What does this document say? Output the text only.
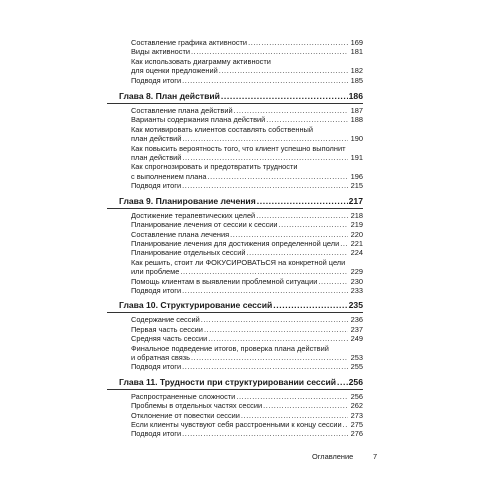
Составление графика активности .....	169
Виды активности .....	181
Как использовать диаграмму активности
для оценки предложений .....	182
Подводя итоги .....	185
Глава 8. План действий .....	186
Составление плана действий .....	187
Варианты содержания плана действий .....	188
Как мотивировать клиентов составлять собственный
план действий .....	190
Как повысить вероятность того, что клиент успешно выполнит
план действий .....	191
Как спрогнозировать и предотвратить трудности
с выполнением плана .....	196
Подводя итоги .....	215
Глава 9. Планирование лечения .....	217
Достижение терапевтических целей .....	218
Планирование лечения от сессии к сессии .....	219
Составление плана лечения .....	220
Планирование лечения для достижения определенной цели ..... 221
Планирование отдельных сессий .....	224
Как решить, стоит ли ФОКУСИРОВАТЬСЯ на конкретной цели
или проблеме .....	229
Помощь клиентам в выявлении проблемной ситуации .....	230
Подводя итоги .....	233
Глава 10. Структурирование сессий .....	235
Содержание сессий .....	236
Первая часть сессии .....	237
Средняя часть сессии .....	249
Финальное подведение итогов, проверка плана действий
и обратная связь .....	253
Подводя итоги .....	255
Глава 11. Трудности при структурировании сессий ..... 256
Распространенные сложности .....	256
Проблемы в отдельных частях сессии .....	262
Отклонение от повестки сессии .....	273
Если клиенты чувствуют себя расстроенными к концу сессии ..... 275
Подводя итоги .....	276
Оглавление	7
